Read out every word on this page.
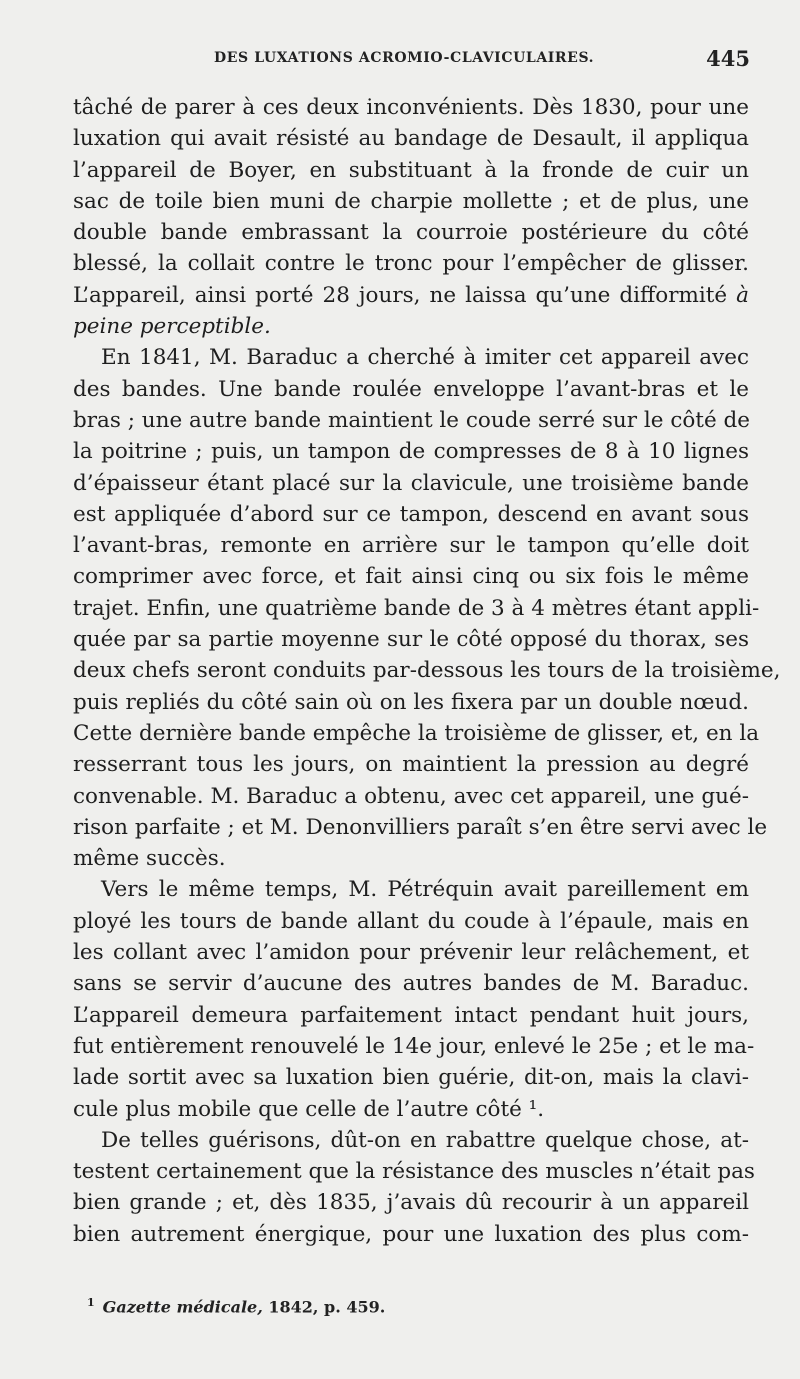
DES LUXATIONS ACROMIO-CLAVICULAIRES.	445
tâché de parer à ces deux inconvénients. Dès 1830, pour une
luxation qui avait résisté au bandage de Desault, il appliqua
l’appareil de Boyer, en substituant à la fronde de cuir un
sac de toile bien muni de charpie mollette ; et de plus, une
double bande embrassant la courroie postérieure du côté
blessé, la collait contre le tronc pour l’empêcher de glisser.
L’appareil, ainsi porté 28 jours, ne laissa qu’une difformité à
peine perceptible.
En 1841, M. Baraduc a cherché à imiter cet appareil avec
des bandes. Une bande roulée enveloppe l’avant-bras et le
bras ; une autre bande maintient le coude serré sur le côté de
la poitrine ; puis, un tampon de compresses de 8 à 10 lignes
d’épaisseur étant placé sur la clavicule, une troisième bande
est appliquée d’abord sur ce tampon, descend en avant sous
l’avant-bras, remonte en arrière sur le tampon qu’elle doit
comprimer avec force, et fait ainsi cinq ou six fois le même
trajet. Enfin, une quatrième bande de 3 à 4 mètres étant appli-
quée par sa partie moyenne sur le côté opposé du thorax, ses
deux chefs seront conduits par-dessous les tours de la troisième,
puis repliés du côté sain où on les fixera par un double nœud.
Cette dernière bande empêche la troisième de glisser, et, en la
resserrant tous les jours, on maintient la pression au degré
convenable. M. Baraduc a obtenu, avec cet appareil, une gué-
rison parfaite ; et M. Denonvilliers paraît s’en être servi avec le
même succès.
Vers le même temps, M. Pétréquin avait pareillement em
ployé les tours de bande allant du coude à l’épaule, mais en
les collant avec l’amidon pour prévenir leur relâchement, et
sans se servir d’aucune des autres bandes de M. Baraduc.
L’appareil demeura parfaitement intact pendant huit jours,
fut entièrement renouvelé le 14e jour, enlevé le 25e ; et le ma-
lade sortit avec sa luxation bien guérie, dit-on, mais la clavi-
cule plus mobile que celle de l’autre côté ¹.
De telles guérisons, dût-on en rabattre quelque chose, at-
testent certainement que la résistance des muscles n’était pas
bien grande ; et, dès 1835, j’avais dû recourir à un appareil
bien autrement énergique, pour une luxation des plus com-
$^1$ Gazette médicale, 1842, p. 459.
